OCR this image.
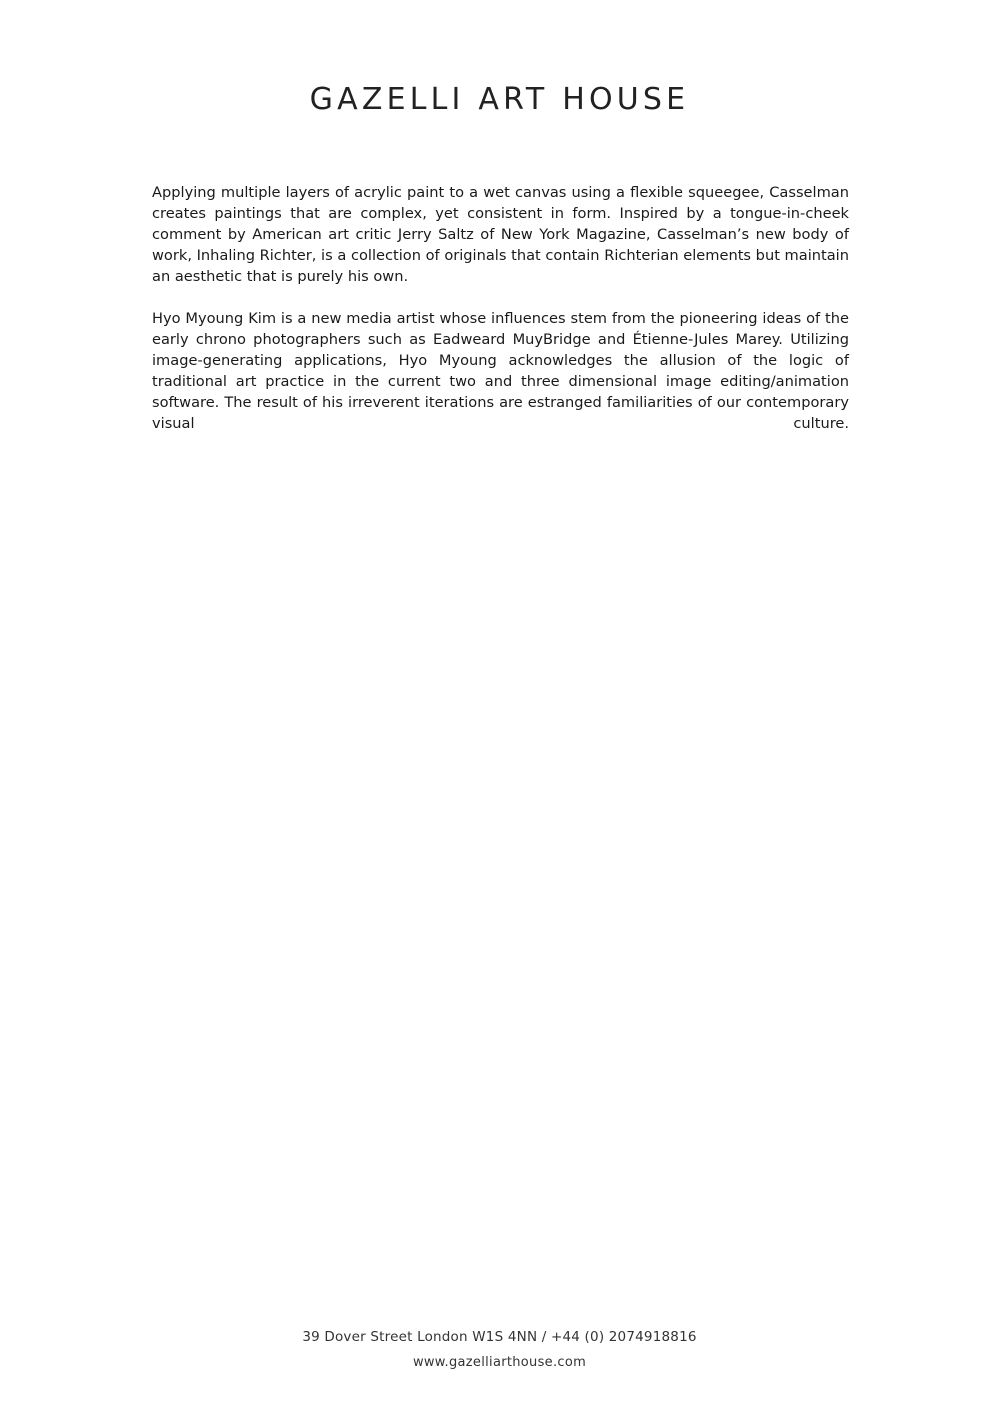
GAZELLI ART HOUSE

Applying multiple layers of acrylic paint to a wet canvas using a flexible squeegee, Casselman creates paintings that are complex, yet consistent in form. Inspired by a tongue-in-cheek comment by American art critic Jerry Saltz of New York Magazine, Casselman’s new body of work, Inhaling Richter, is a collection of originals that contain Richterian elements but maintain an aesthetic that is purely his own.

Hyo Myoung Kim is a new media artist whose influences stem from the pioneering ideas of the early chrono photographers such as Eadweard MuyBridge and Étienne-Jules Marey. Utilizing image-generating applications, Hyo Myoung acknowledges the allusion of the logic of traditional art practice in the current two and three dimensional image editing/animation software. The result of his irreverent iterations are estranged familiarities of our contemporary visual culture.

39 Dover Street London W1S 4NN / +44 (0) 2074918816
www.gazelliarthouse.com
